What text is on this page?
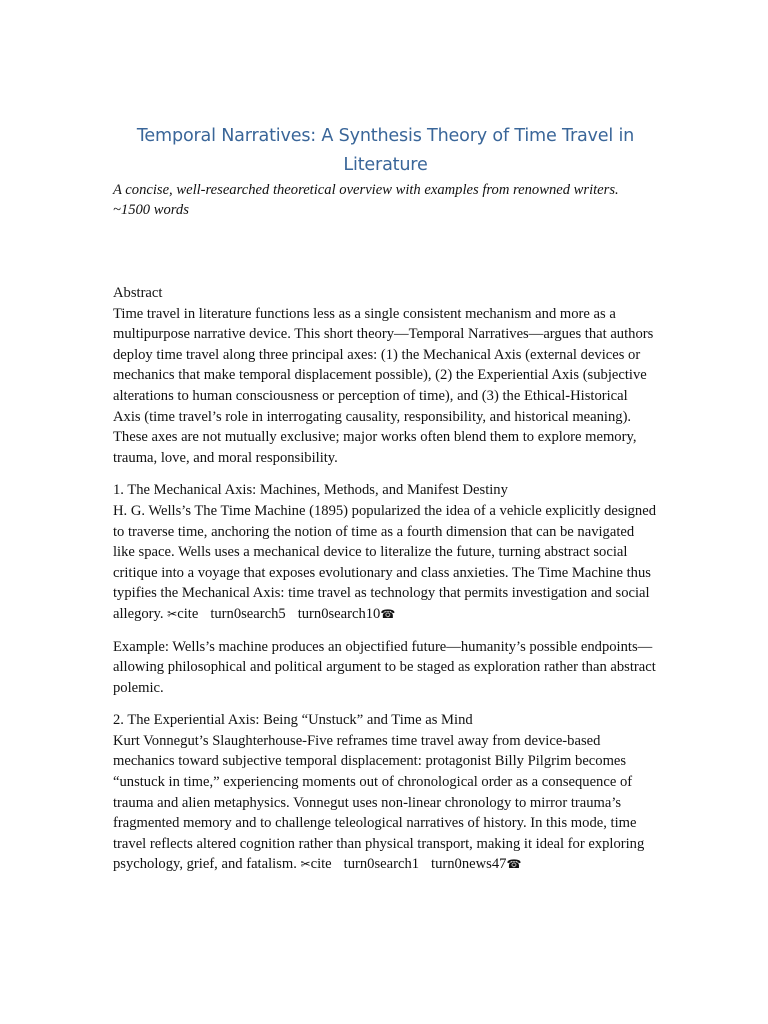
Temporal Narratives: A Synthesis Theory of Time Travel in Literature

A concise, well-researched theoretical overview with examples from renowned writers. ~1500 words

Abstract

Time travel in literature functions less as a single consistent mechanism and more as a multipurpose narrative device. This short theory—Temporal Narratives—argues that authors deploy time travel along three principal axes: (1) the Mechanical Axis (external devices or mechanics that make temporal displacement possible), (2) the Experiential Axis (subjective alterations to human consciousness or perception of time), and (3) the Ethical-Historical Axis (time travel’s role in interrogating causality, responsibility, and historical meaning). These axes are not mutually exclusive; major works often blend them to explore memory, trauma, love, and moral responsibility.

1. The Mechanical Axis: Machines, Methods, and Manifest Destiny

H. G. Wells’s The Time Machine (1895) popularized the idea of a vehicle explicitly designed to traverse time, anchoring the notion of time as a fourth dimension that can be navigated like space. Wells uses a mechanical device to literalize the future, turning abstract social critique into a voyage that exposes evolutionary and class anxieties. The Time Machine thus typifies the Mechanical Axis: time travel as technology that permits investigation and social allegory. ✂cite turn0search5 turn0search10☎

Example: Wells’s machine produces an objectified future—humanity’s possible endpoints—allowing philosophical and political argument to be staged as exploration rather than abstract polemic.

2. The Experiential Axis: Being “Unstuck” and Time as Mind

Kurt Vonnegut’s Slaughterhouse-Five reframes time travel away from device-based mechanics toward subjective temporal displacement: protagonist Billy Pilgrim becomes “unstuck in time,” experiencing moments out of chronological order as a consequence of trauma and alien metaphysics. Vonnegut uses non-linear chronology to mirror trauma’s fragmented memory and to challenge teleological narratives of history. In this mode, time travel reflects altered cognition rather than physical transport, making it ideal for exploring psychology, grief, and fatalism. ✂cite turn0search1 turn0news47☎
